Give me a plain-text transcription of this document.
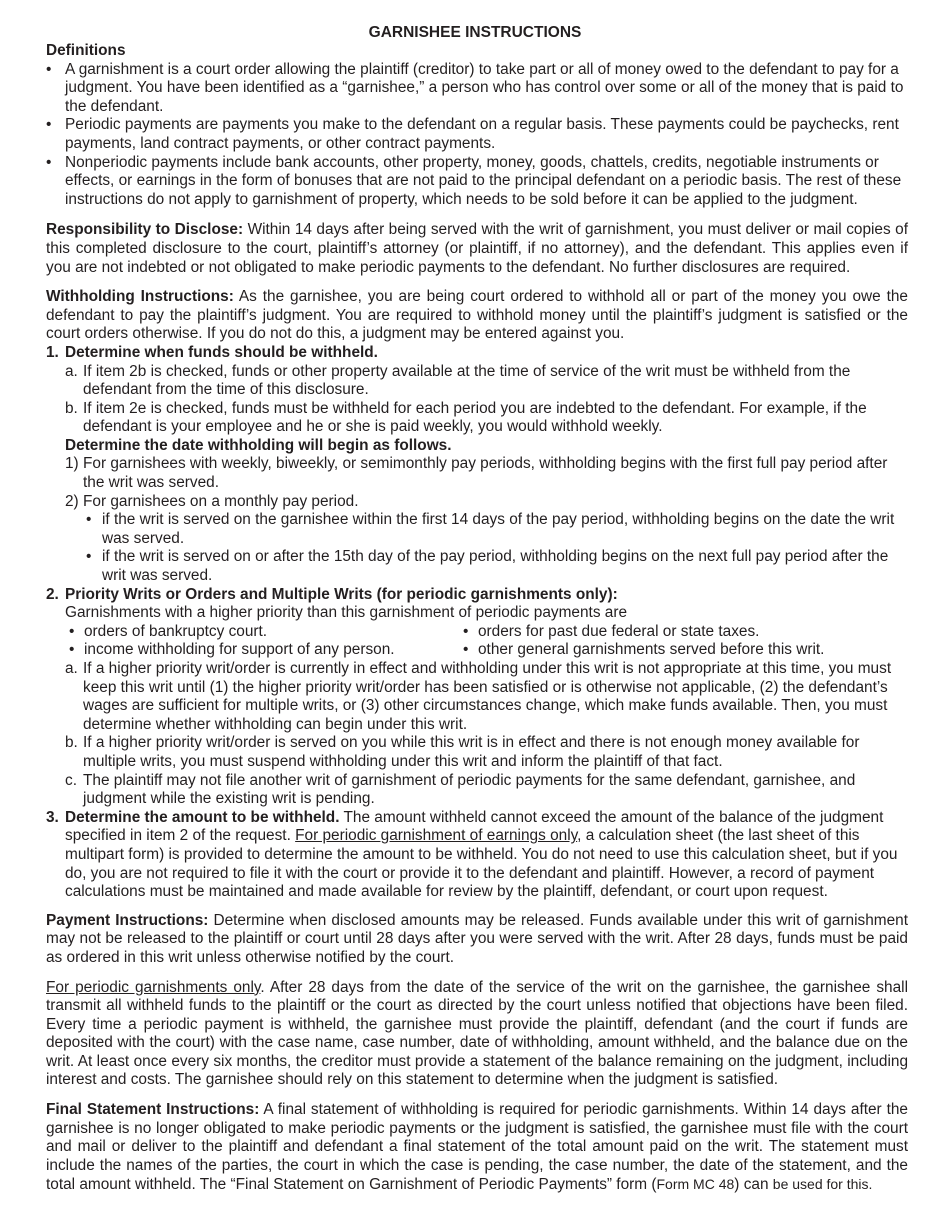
GARNISHEE INSTRUCTIONS

Definitions

• A garnishment is a court order allowing the plaintiff (creditor) to take part or all of money owed to the defendant to pay for a judgment. You have been identified as a “garnishee,” a person who has control over some or all of the money that is paid to the defendant.
• Periodic payments are payments you make to the defendant on a regular basis. These payments could be paychecks, rent payments, land contract payments, or other contract payments.
• Nonperiodic payments include bank accounts, other property, money, goods, chattels, credits, negotiable instruments or effects, or earnings in the form of bonuses that are not paid to the principal defendant on a periodic basis. The rest of these instructions do not apply to garnishment of property, which needs to be sold before it can be applied to the judgment.

Responsibility to Disclose: Within 14 days after being served with the writ of garnishment, you must deliver or mail copies of this completed disclosure to the court, plaintiff’s attorney (or plaintiff, if no attorney), and the defendant. This applies even if you are not indebted or not obligated to make periodic payments to the defendant. No further disclosures are required.

Withholding Instructions: As the garnishee, you are being court ordered to withhold all or part of the money you owe the defendant to pay the plaintiff’s judgment. You are required to withhold money until the plaintiff’s judgment is satisfied or the court orders otherwise. If you do not do this, a judgment may be entered against you.

1. Determine when funds should be withheld.
a. If item 2b is checked, funds or other property available at the time of service of the writ must be withheld from the defendant from the time of this disclosure.
b. If item 2e is checked, funds must be withheld for each period you are indebted to the defendant. For example, if the defendant is your employee and he or she is paid weekly, you would withhold weekly.
Determine the date withholding will begin as follows.
1) For garnishees with weekly, biweekly, or semimonthly pay periods, withholding begins with the first full pay period after the writ was served.
2) For garnishees on a monthly pay period.
• if the writ is served on the garnishee within the first 14 days of the pay period, withholding begins on the date the writ was served.
• if the writ is served on or after the 15th day of the pay period, withholding begins on the next full pay period after the writ was served.
2. Priority Writs or Orders and Multiple Writs (for periodic garnishments only):
Garnishments with a higher priority than this garnishment of periodic payments are
• orders of bankruptcy court.
• income withholding for support of any person.
• orders for past due federal or state taxes.
• other general garnishments served before this writ.
a. If a higher priority writ/order is currently in effect and withholding under this writ is not appropriate at this time, you must keep this writ until (1) the higher priority writ/order has been satisfied or is otherwise not applicable, (2) the defendant’s wages are sufficient for multiple writs, or (3) other circumstances change, which make funds available. Then, you must determine whether withholding can begin under this writ.
b. If a higher priority writ/order is served on you while this writ is in effect and there is not enough money available for multiple writs, you must suspend withholding under this writ and inform the plaintiff of that fact.
c. The plaintiff may not file another writ of garnishment of periodic payments for the same defendant, garnishee, and judgment while the existing writ is pending.
3. Determine the amount to be withheld. The amount withheld cannot exceed the amount of the balance of the judgment specified in item 2 of the request. For periodic garnishment of earnings only, a calculation sheet (the last sheet of this multipart form) is provided to determine the amount to be withheld. You do not need to use this calculation sheet, but if you do, you are not required to file it with the court or provide it to the defendant and plaintiff. However, a record of payment calculations must be maintained and made available for review by the plaintiff, defendant, or court upon request.

Payment Instructions: Determine when disclosed amounts may be released. Funds available under this writ of garnishment may not be released to the plaintiff or court until 28 days after you were served with the writ. After 28 days, funds must be paid as ordered in this writ unless otherwise notified by the court.

For periodic garnishments only. After 28 days from the date of the service of the writ on the garnishee, the garnishee shall transmit all withheld funds to the plaintiff or the court as directed by the court unless notified that objections have been filed. Every time a periodic payment is withheld, the garnishee must provide the plaintiff, defendant (and the court if funds are deposited with the court) with the case name, case number, date of withholding, amount withheld, and the balance due on the writ. At least once every six months, the creditor must provide a statement of the balance remaining on the judgment, including interest and costs. The garnishee should rely on this statement to determine when the judgment is satisfied.

Final Statement Instructions: A final statement of withholding is required for periodic garnishments. Within 14 days after the garnishee is no longer obligated to make periodic payments or the judgment is satisfied, the garnishee must file with the court and mail or deliver to the plaintiff and defendant a final statement of the total amount paid on the writ. The statement must include the names of the parties, the court in which the case is pending, the case number, the date of the statement, and the total amount withheld. The “Final Statement on Garnishment of Periodic Payments” form (Form MC 48) can be used for this.
